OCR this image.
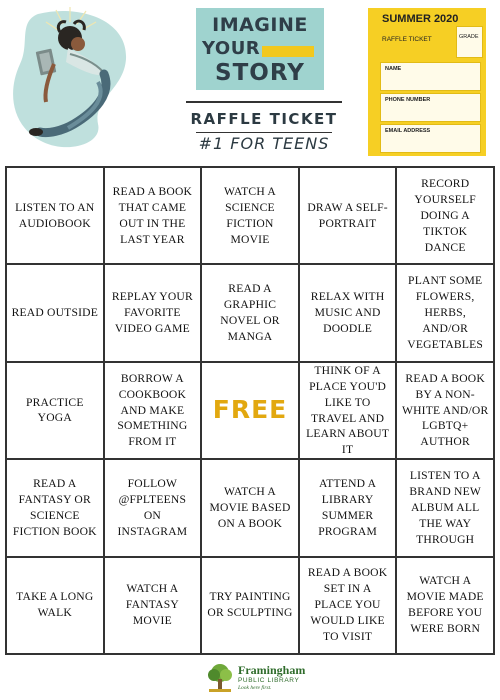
IMAGINE
YOUR
STORY
RAFFLE TICKET
#1 FOR TEENS
SUMMER 2020
RAFFLE TICKET	GRADE
NAME
PHONE NUMBER
EMAIL ADDRESS
LISTEN TO AN AUDIOBOOK
READ A BOOK THAT CAME OUT IN THE LAST YEAR
WATCH A SCIENCE FICTION MOVIE
DRAW A SELF-PORTRAIT
RECORD YOURSELF DOING A TIKTOK DANCE
READ OUTSIDE
REPLAY YOUR FAVORITE VIDEO GAME
READ A GRAPHIC NOVEL OR MANGA
RELAX WITH MUSIC AND DOODLE
PLANT SOME FLOWERS, HERBS, AND/OR VEGETABLES
PRACTICE YOGA
BORROW A COOKBOOK AND MAKE SOMETHING FROM IT
FREE
THINK OF A PLACE YOU'D LIKE TO TRAVEL AND LEARN ABOUT IT
READ A BOOK BY A NON-WHITE AND/OR LGBTQ+ AUTHOR
READ A FANTASY OR SCIENCE FICTION BOOK
FOLLOW @FPLTEENS ON INSTAGRAM
WATCH A MOVIE BASED ON A BOOK
ATTEND A LIBRARY SUMMER PROGRAM
LISTEN TO A BRAND NEW ALBUM ALL THE WAY THROUGH
TAKE A LONG WALK
WATCH A FANTASY MOVIE
TRY PAINTING OR SCULPTING
READ A BOOK SET IN A PLACE YOU WOULD LIKE TO VISIT
WATCH A MOVIE MADE BEFORE YOU WERE BORN
Framingham
PUBLIC LIBRARY
Look here first.
